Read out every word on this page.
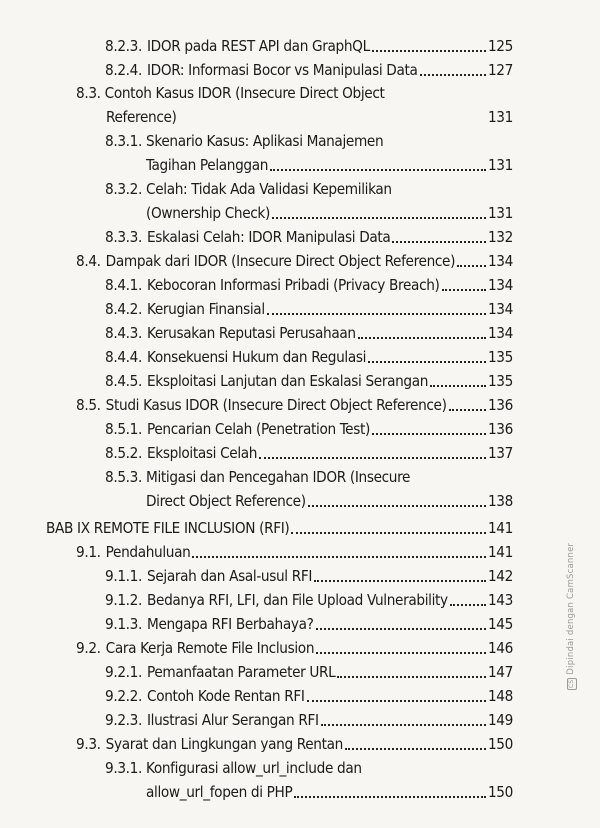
8.2.3. IDOR pada REST API dan GraphQL	125
8.2.4. IDOR: Informasi Bocor vs Manipulasi Data	127
8.3. Contoh Kasus IDOR (Insecure Direct Object
Reference)	131
8.3.1. Skenario Kasus: Aplikasi Manajemen
Tagihan Pelanggan	131
8.3.2. Celah: Tidak Ada Validasi Kepemilikan
(Ownership Check)	131
8.3.3. Eskalasi Celah: IDOR Manipulasi Data	132
8.4. Dampak dari IDOR (Insecure Direct Object Reference) 134
8.4.1. Kebocoran Informasi Pribadi (Privacy Breach)	134
8.4.2. Kerugian Finansial	134
8.4.3. Kerusakan Reputasi Perusahaan	134
8.4.4. Konsekuensi Hukum dan Regulasi	135
8.4.5. Eksploitasi Lanjutan dan Eskalasi Serangan	135
8.5. Studi Kasus IDOR (Insecure Direct Object Reference)	136
8.5.1. Pencarian Celah (Penetration Test)	136
8.5.2. Eksploitasi Celah	137
8.5.3. Mitigasi dan Pencegahan IDOR (Insecure
Direct Object Reference)	138
BAB IX REMOTE FILE INCLUSION (RFI)	141
9.1. Pendahuluan	141
9.1.1. Sejarah dan Asal-usul RFI	142
9.1.2. Bedanya RFI, LFI, dan File Upload Vulnerability	143
9.1.3. Mengapa RFI Berbahaya?	145
9.2. Cara Kerja Remote File Inclusion	146
9.2.1. Pemanfaatan Parameter URL	147
9.2.2. Contoh Kode Rentan RFI	148
9.2.3. Ilustrasi Alur Serangan RFI	149
9.3. Syarat dan Lingkungan yang Rentan	150
9.3.1. Konfigurasi allow_url_include dan
allow_url_fopen di PHP	150
CSDipindai dengan CamScanner
